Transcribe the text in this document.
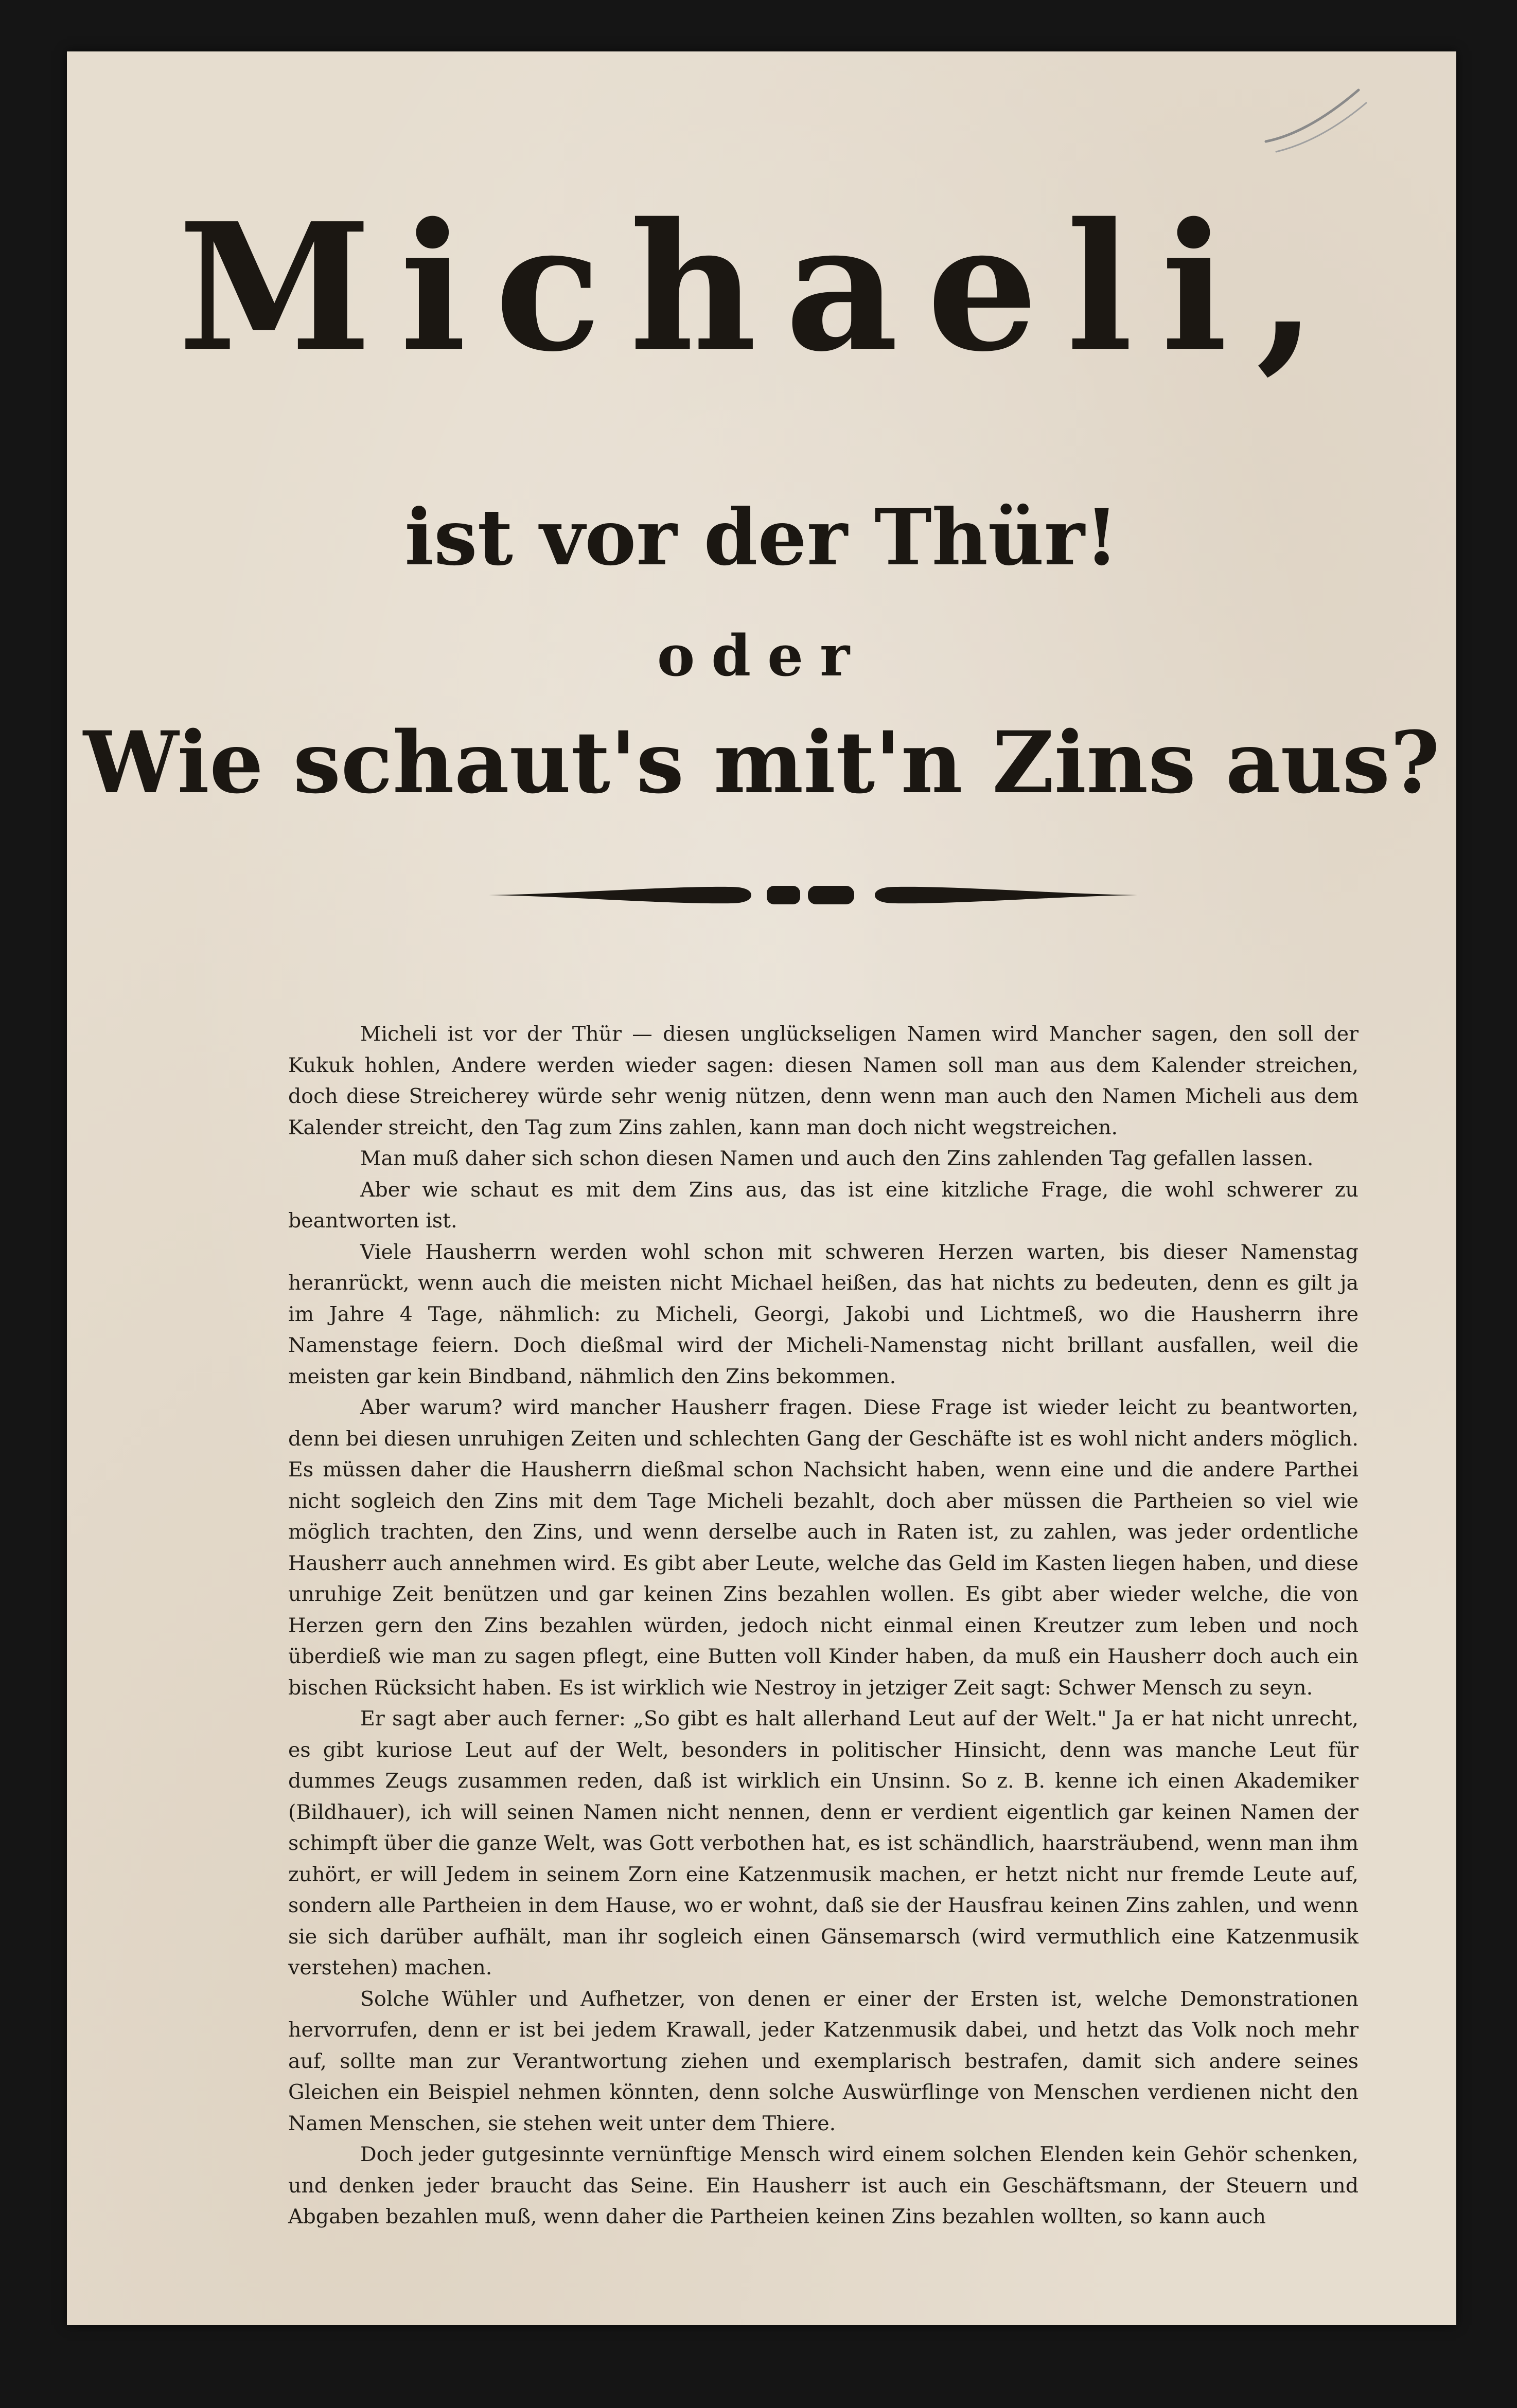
Michaeli,
ist vor der Thür!
oder
Wie schaut's mit'n Zins aus?

Micheli ist vor der Thür — diesen unglückseligen Namen wird Mancher sagen, den soll der Kukuk hohlen, Andere werden wieder sagen: diesen Namen soll man aus dem Kalender streichen, doch diese Streicherey würde sehr wenig nützen, denn wenn man auch den Namen Micheli aus dem Kalender streicht, den Tag zum Zins zahlen, kann man doch nicht wegstreichen.

Man muß daher sich schon diesen Namen und auch den Zins zahlenden Tag gefallen lassen.

Aber wie schaut es mit dem Zins aus, das ist eine kitzliche Frage, die wohl schwerer zu beantworten ist.

Viele Hausherrn werden wohl schon mit schweren Herzen warten, bis dieser Namenstag heranrückt, wenn auch die meisten nicht Michael heißen, das hat nichts zu bedeuten, denn es gilt ja im Jahre 4 Tage, nähmlich: zu Micheli, Georgi, Jakobi und Lichtmeß, wo die Hausherrn ihre Namenstage feiern. Doch dießmal wird der Micheli-Namenstag nicht brillant ausfallen, weil die meisten gar kein Bindband, nähmlich den Zins bekommen.

Aber warum? wird mancher Hausherr fragen. Diese Frage ist wieder leicht zu beantworten, denn bei diesen unruhigen Zeiten und schlechten Gang der Geschäfte ist es wohl nicht anders möglich. Es müssen daher die Hausherrn dießmal schon Nachsicht haben, wenn eine und die andere Parthei nicht sogleich den Zins mit dem Tage Micheli bezahlt, doch aber müssen die Partheien so viel wie möglich trachten, den Zins, und wenn derselbe auch in Raten ist, zu zahlen, was jeder ordentliche Hausherr auch annehmen wird. Es gibt aber Leute, welche das Geld im Kasten liegen haben, und diese unruhige Zeit benützen und gar keinen Zins bezahlen wollen. Es gibt aber wieder welche, die von Herzen gern den Zins bezahlen würden, jedoch nicht einmal einen Kreutzer zum leben und noch überdieß wie man zu sagen pflegt, eine Butten voll Kinder haben, da muß ein Hausherr doch auch ein bischen Rücksicht haben. Es ist wirklich wie Nestroy in jetziger Zeit sagt: Schwer Mensch zu seyn.

Er sagt aber auch ferner: „So gibt es halt allerhand Leut auf der Welt." Ja er hat nicht unrecht, es gibt kuriose Leut auf der Welt, besonders in politischer Hinsicht, denn was manche Leut für dummes Zeugs zusammen reden, daß ist wirklich ein Unsinn. So z. B. kenne ich einen Akademiker (Bildhauer), ich will seinen Namen nicht nennen, denn er verdient eigentlich gar keinen Namen der schimpft über die ganze Welt, was Gott verbothen hat, es ist schändlich, haarsträubend, wenn man ihm zuhört, er will Jedem in seinem Zorn eine Katzenmusik machen, er hetzt nicht nur fremde Leute auf, sondern alle Partheien in dem Hause, wo er wohnt, daß sie der Hausfrau keinen Zins zahlen, und wenn sie sich darüber aufhält, man ihr sogleich einen Gänsemarsch (wird vermuthlich eine Katzenmusik verstehen) machen.

Solche Wühler und Aufhetzer, von denen er einer der Ersten ist, welche Demonstrationen hervorrufen, denn er ist bei jedem Krawall, jeder Katzenmusik dabei, und hetzt das Volk noch mehr auf, sollte man zur Verantwortung ziehen und exemplarisch bestrafen, damit sich andere seines Gleichen ein Beispiel nehmen könnten, denn solche Auswürflinge von Menschen verdienen nicht den Namen Menschen, sie stehen weit unter dem Thiere.

Doch jeder gutgesinnte vernünftige Mensch wird einem solchen Elenden kein Gehör schenken, und denken jeder braucht das Seine. Ein Hausherr ist auch ein Geschäftsmann, der Steuern und Abgaben bezahlen muß, wenn daher die Partheien keinen Zins bezahlen wollten, so kann auch
